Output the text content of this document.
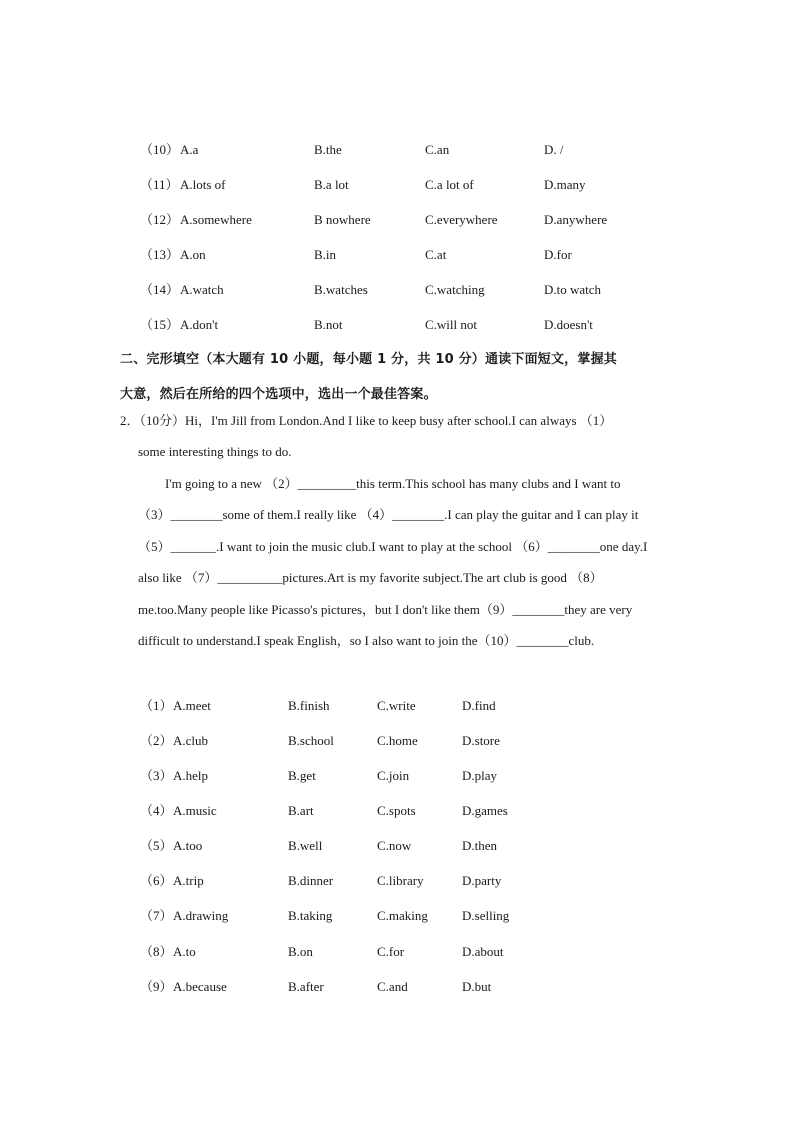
（10） A.a	B.the	C.an	D. /
（11） A.lots of	B.a lot	C.a lot of	D.many
（12） A.somewhere	B nowhere	C.everywhere	D.anywhere
（13） A.on	B.in	C.at	D.for
（14） A.watch	B.watches	C.watching	D.to watch
（15） A.don't	B.not	C.will not	D.doesn't
二、完形填空（本大题有 10 小题，每小题 1 分，共 10 分）通读下面短文，掌握其
大意，然后在所给的四个选项中，选出一个最佳答案。
2．（10分）Hi，I'm Jill from London.And I like to keep busy after school.I can always （1）
some interesting things to do.
I'm going to a new （2）_________this term.This school has many clubs and I want to
（3）________some of them.I really like （4）________.I can play the guitar and I can play it
（5）_______.I want to join the music club.I want to play at the school （6）________one day.I
also like （7）__________pictures.Art is my favorite subject.The art club is good （8）
me.too.Many people like Picasso's pictures，but I don't like them（9）________they are very
difficult to understand.I speak English，so I also want to join the（10）________club.
（1） A.meet	B.finish	C.write	D.find
（2） A.club	B.school	C.home	D.store
（3） A.help	B.get	C.join	D.play
（4） A.music	B.art	C.spots	D.games
（5） A.too	B.well	C.now	D.then
（6） A.trip	B.dinner	C.library	D.party
（7） A.drawing	B.taking	C.making	D.selling
（8） A.to	B.on	C.for	D.about
（9） A.because	B.after	C.and	D.but
